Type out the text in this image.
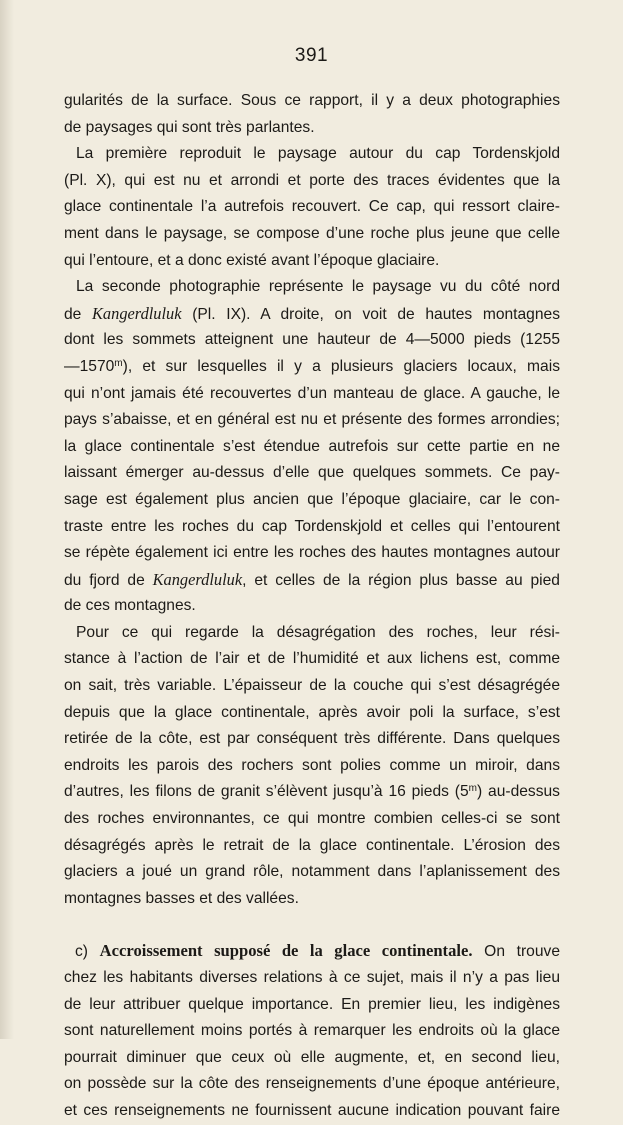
391
gularités de la surface. Sous ce rapport, il y a deux photographies
de paysages qui sont très parlantes.
La première reproduit le paysage autour du cap Tordenskjold
(Pl. X), qui est nu et arrondi et porte des traces évidentes que la
glace continentale l’a autrefois recouvert. Ce cap, qui ressort claire-
ment dans le paysage, se compose d’une roche plus jeune que celle
qui l’entoure, et a donc existé avant l’époque glaciaire.
La seconde photographie représente le paysage vu du côté nord
de Kangerdluluk (Pl. IX). A droite, on voit de hautes montagnes
dont les sommets atteignent une hauteur de 4—5000 pieds (1255
—1570$^m$), et sur lesquelles il y a plusieurs glaciers locaux, mais
qui n’ont jamais été recouvertes d’un manteau de glace. A gauche, le
pays s’abaisse, et en général est nu et présente des formes arrondies;
la glace continentale s’est étendue autrefois sur cette partie en ne
laissant émerger au-dessus d’elle que quelques sommets. Ce pay-
sage est également plus ancien que l’époque glaciaire, car le con-
traste entre les roches du cap Tordenskjold et celles qui l’entourent
se répète également ici entre les roches des hautes montagnes autour
du fjord de Kangerdluluk, et celles de la région plus basse au pied
de ces montagnes.
Pour ce qui regarde la désagrégation des roches, leur rési-
stance à l’action de l’air et de l’humidité et aux lichens est, comme
on sait, très variable. L’épaisseur de la couche qui s’est désagrégée
depuis que la glace continentale, après avoir poli la surface, s’est
retirée de la côte, est par conséquent très différente. Dans quelques
endroits les parois des rochers sont polies comme un miroir, dans
d’autres, les filons de granit s’élèvent jusqu’à 16 pieds (5$^m$) au-dessus
des roches environnantes, ce qui montre combien celles-ci se sont
désagrégés après le retrait de la glace continentale. L’érosion des
glaciers a joué un grand rôle, notamment dans l’aplanissement des
montagnes basses et des vallées.
c) Accroissement supposé de la glace continentale. On trouve
chez les habitants diverses relations à ce sujet, mais il n’y a pas lieu
de leur attribuer quelque importance. En premier lieu, les indigènes
sont naturellement moins portés à remarquer les endroits où la glace
pourrait diminuer que ceux où elle augmente, et, en second lieu,
on possède sur la côte des renseignements d’une époque antérieure,
et ces renseignements ne fournissent aucune indication pouvant faire
